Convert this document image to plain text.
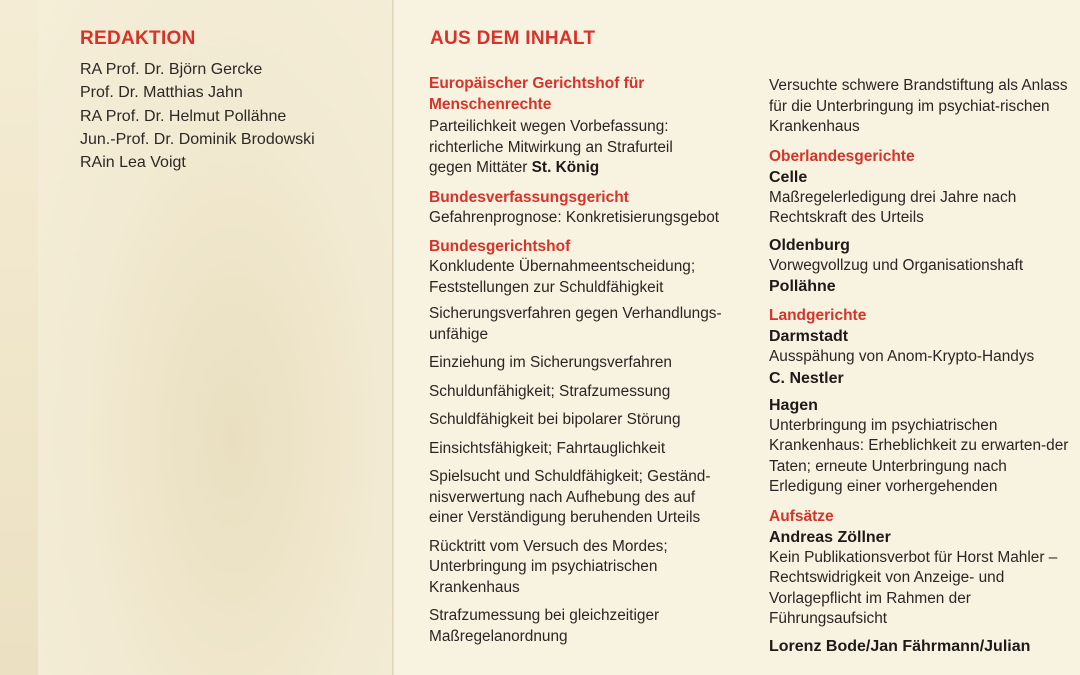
REDAKTION
RA Prof. Dr. Björn Gercke
Prof. Dr. Matthias Jahn
RA Prof. Dr. Helmut Pollähne
Jun.-Prof. Dr. Dominik Brodowski
RAin Lea Voigt
AUS DEM INHALT
Europäischer Gerichtshof für Menschenrechte
Parteilichkeit wegen Vorbefassung: richterliche Mitwirkung an Strafurteil gegen Mittäter St. König
Bundesverfassungsgericht
Gefahrenprognose: Konkretisierungsgebot
Bundesgerichtshof
Konkludente Übernahmeentscheidung; Feststellungen zur Schuldfähigkeit
Sicherungsverfahren gegen Verhandlungs-unfähige
Einziehung im Sicherungsverfahren
Schuldunfähigkeit; Strafzumessung
Schuldfähigkeit bei bipolarer Störung
Einsichtsfähigkeit; Fahrtauglichkeit
Spielsucht und Schuldfähigkeit; Geständ-nisverwertung nach Aufhebung des auf einer Verständigung beruhenden Urteils
Rücktritt vom Versuch des Mordes; Unterbringung im psychiatrischen Krankenhaus
Strafzumessung bei gleichzeitiger Maßregelanordnung
Versuchte schwere Brandstiftung als Anlass für die Unterbringung im psychiat-rischen Krankenhaus
Oberlandesgerichte
Celle
Maßregelerledigung drei Jahre nach Rechtskraft des Urteils
Oldenburg
Vorwegvollzug und Organisationshaft
Pollähne
Landgerichte
Darmstadt
Ausspähung von Anom-Krypto-Handys
C. Nestler
Hagen
Unterbringung im psychiatrischen Krankenhaus: Erheblichkeit zu erwarten-der Taten; erneute Unterbringung nach Erledigung einer vorhergehenden
Aufsätze
Andreas Zöllner
Kein Publikationsverbot für Horst Mahler – Rechtswidrigkeit von Anzeige- und Vorlagepflicht im Rahmen der Führungsaufsicht
Lorenz Bode/Jan Fährmann/Julian
